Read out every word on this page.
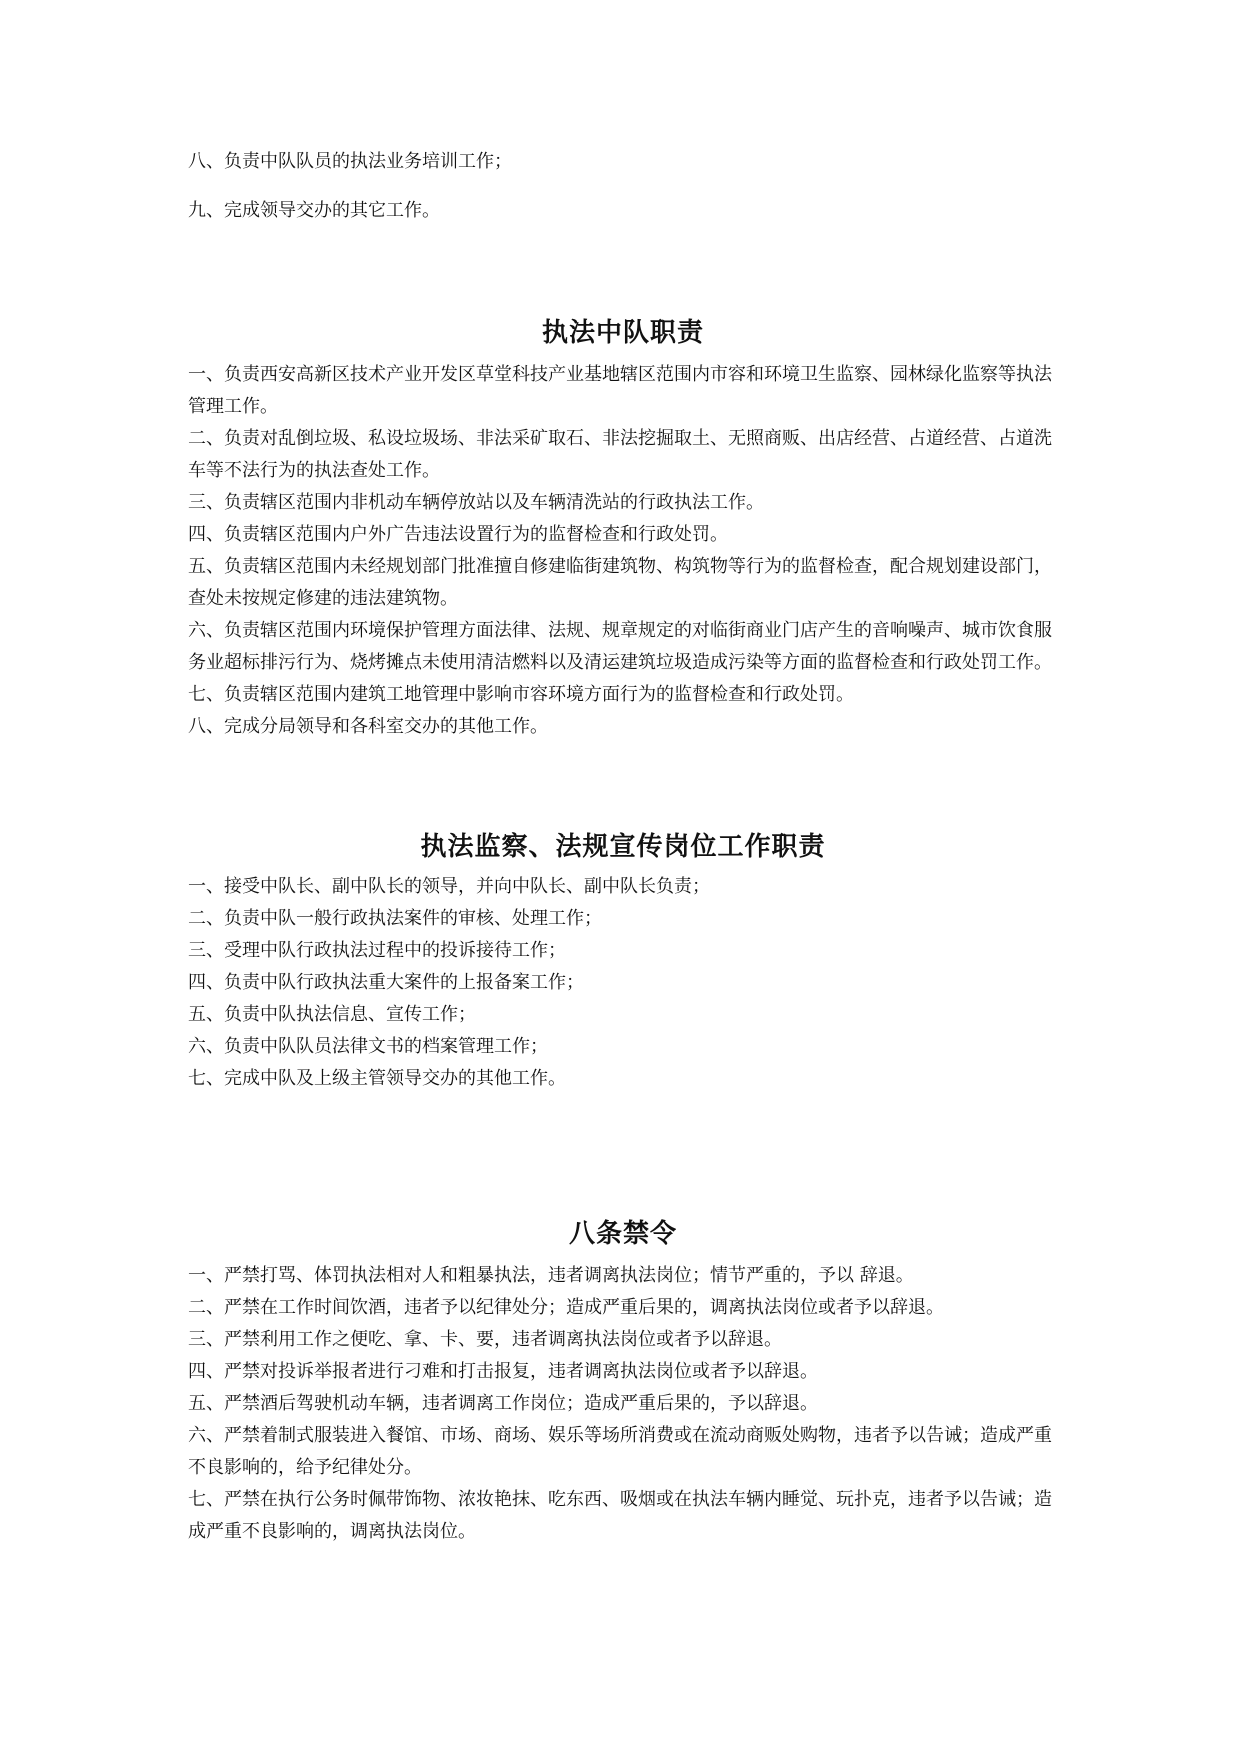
八、负责中队队员的执法业务培训工作；

九、完成领导交办的其它工作。

执法中队职责

一、负责西安高新区技术产业开发区草堂科技产业基地辖区范围内市容和环境卫生监察、园林绿化监察等执法管理工作。

二、负责对乱倒垃圾、私设垃圾场、非法采矿取石、非法挖掘取土、无照商贩、出店经营、占道经营、占道洗车等不法行为的执法查处工作。

三、负责辖区范围内非机动车辆停放站以及车辆清洗站的行政执法工作。

四、负责辖区范围内户外广告违法设置行为的监督检查和行政处罚。

五、负责辖区范围内未经规划部门批准擅自修建临街建筑物、构筑物等行为的监督检查，配合规划建设部门，查处未按规定修建的违法建筑物。

六、负责辖区范围内环境保护管理方面法律、法规、规章规定的对临街商业门店产生的音响噪声、城市饮食服务业超标排污行为、烧烤摊点未使用清洁燃料以及清运建筑垃圾造成污染等方面的监督检查和行政处罚工作。

七、负责辖区范围内建筑工地管理中影响市容环境方面行为的监督检查和行政处罚。

八、完成分局领导和各科室交办的其他工作。

执法监察、法规宣传岗位工作职责

一、接受中队长、副中队长的领导，并向中队长、副中队长负责；

二、负责中队一般行政执法案件的审核、处理工作；

三、受理中队行政执法过程中的投诉接待工作；

四、负责中队行政执法重大案件的上报备案工作；

五、负责中队执法信息、宣传工作；

六、负责中队队员法律文书的档案管理工作；

七、完成中队及上级主管领导交办的其他工作。

八条禁令

一、严禁打骂、体罚执法相对人和粗暴执法，违者调离执法岗位；情节严重的，予以 辞退。

二、严禁在工作时间饮酒，违者予以纪律处分；造成严重后果的，调离执法岗位或者予以辞退。

三、严禁利用工作之便吃、拿、卡、要，违者调离执法岗位或者予以辞退。

四、严禁对投诉举报者进行刁难和打击报复，违者调离执法岗位或者予以辞退。

五、严禁酒后驾驶机动车辆，违者调离工作岗位；造成严重后果的，予以辞退。

六、严禁着制式服装进入餐馆、市场、商场、娱乐等场所消费或在流动商贩处购物，违者予以告诫；造成严重不良影响的，给予纪律处分。

七、严禁在执行公务时佩带饰物、浓妆艳抹、吃东西、吸烟或在执法车辆内睡觉、玩扑克，违者予以告诫；造成严重不良影响的，调离执法岗位。
